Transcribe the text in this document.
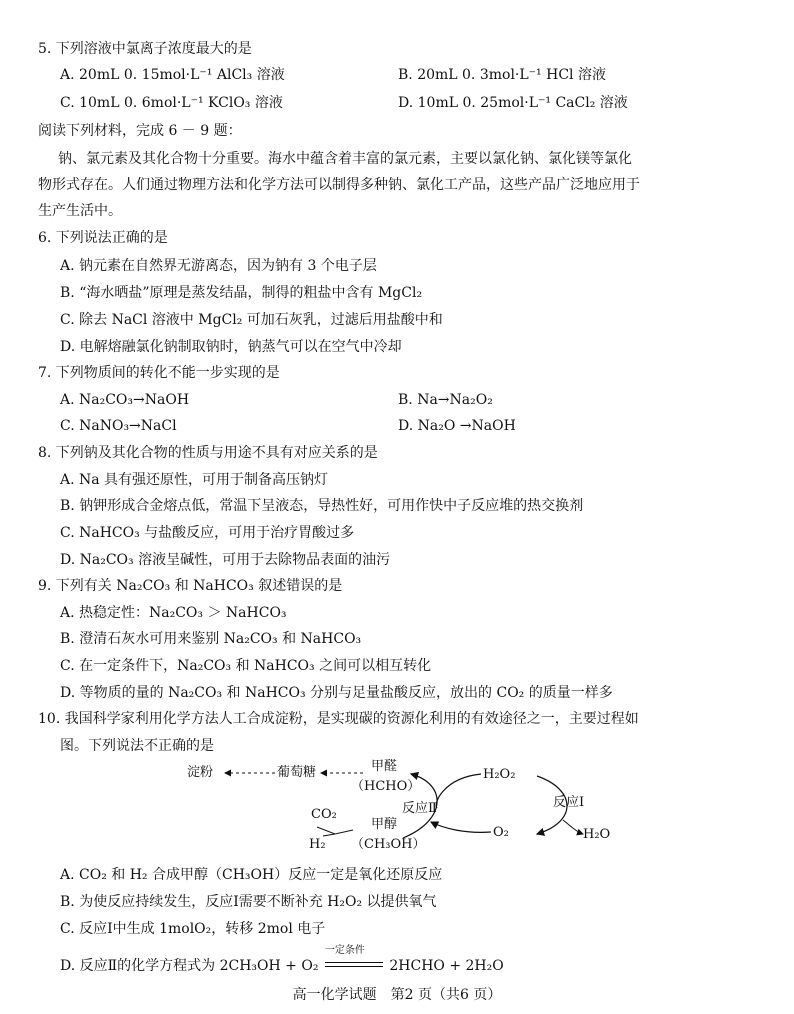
5. 下列溶液中氯离子浓度最大的是
A. 20mL 0. 15mol·L⁻¹ AlCl₃ 溶液	B. 20mL 0. 3mol·L⁻¹ HCl 溶液
C. 10mL 0. 6mol·L⁻¹ KClO₃ 溶液	D. 10mL 0. 25mol·L⁻¹ CaCl₂ 溶液
阅读下列材料，完成 6 － 9 题：
钠、氯元素及其化合物十分重要。海水中蕴含着丰富的氯元素，主要以氯化钠、氯化镁等氯化
物形式存在。人们通过物理方法和化学方法可以制得多种钠、氯化工产品，这些产品广泛地应用于
生产生活中。
6. 下列说法正确的是
A. 钠元素在自然界无游离态，因为钠有 3 个电子层
B. “海水晒盐”原理是蒸发结晶，制得的粗盐中含有 MgCl₂
C. 除去 NaCl 溶液中 MgCl₂ 可加石灰乳，过滤后用盐酸中和
D. 电解熔融氯化钠制取钠时，钠蒸气可以在空气中冷却
7. 下列物质间的转化不能一步实现的是
A. Na₂CO₃→NaOH	B. Na→Na₂O₂
C. NaNO₃→NaCl	D. Na₂O →NaOH
8. 下列钠及其化合物的性质与用途不具有对应关系的是
A. Na 具有强还原性，可用于制备高压钠灯
B. 钠钾形成合金熔点低，常温下呈液态，导热性好，可用作快中子反应堆的热交换剂
C. NaHCO₃ 与盐酸反应，可用于治疗胃酸过多
D. Na₂CO₃ 溶液呈碱性，可用于去除物品表面的油污
9. 下列有关 Na₂CO₃ 和 NaHCO₃ 叙述错误的是
A. 热稳定性：Na₂CO₃ ＞ NaHCO₃
B. 澄清石灰水可用来鉴别 Na₂CO₃ 和 NaHCO₃
C. 在一定条件下，Na₂CO₃ 和 NaHCO₃ 之间可以相互转化
D. 等物质的量的 Na₂CO₃ 和 NaHCO₃ 分别与足量盐酸反应，放出的 CO₂ 的质量一样多
10. 我国科学家利用化学方法人工合成淀粉，是实现碳的资源化利用的有效途径之一，主要过程如
图。下列说法不正确的是
淀粉	葡萄糖	甲醛
（HCHO）
反应Ⅱ
H₂O₂
反应Ⅰ
CO₂
H₂
甲醇
（CH₃OH）
O₂	H₂O
A. CO₂ 和 H₂ 合成甲醇（CH₃OH）反应一定是氧化还原反应
B. 为使反应持续发生，反应Ⅰ需要不断补充 H₂O₂ 以提供氧气
C. 反应Ⅰ中生成 1molO₂，转移 2mol 电子
D. 反应Ⅱ的化学方程式为 2CH₃OH + O₂
一定条件
2HCHO + 2H₂O
高一化学试题　第2 页（共6 页）
